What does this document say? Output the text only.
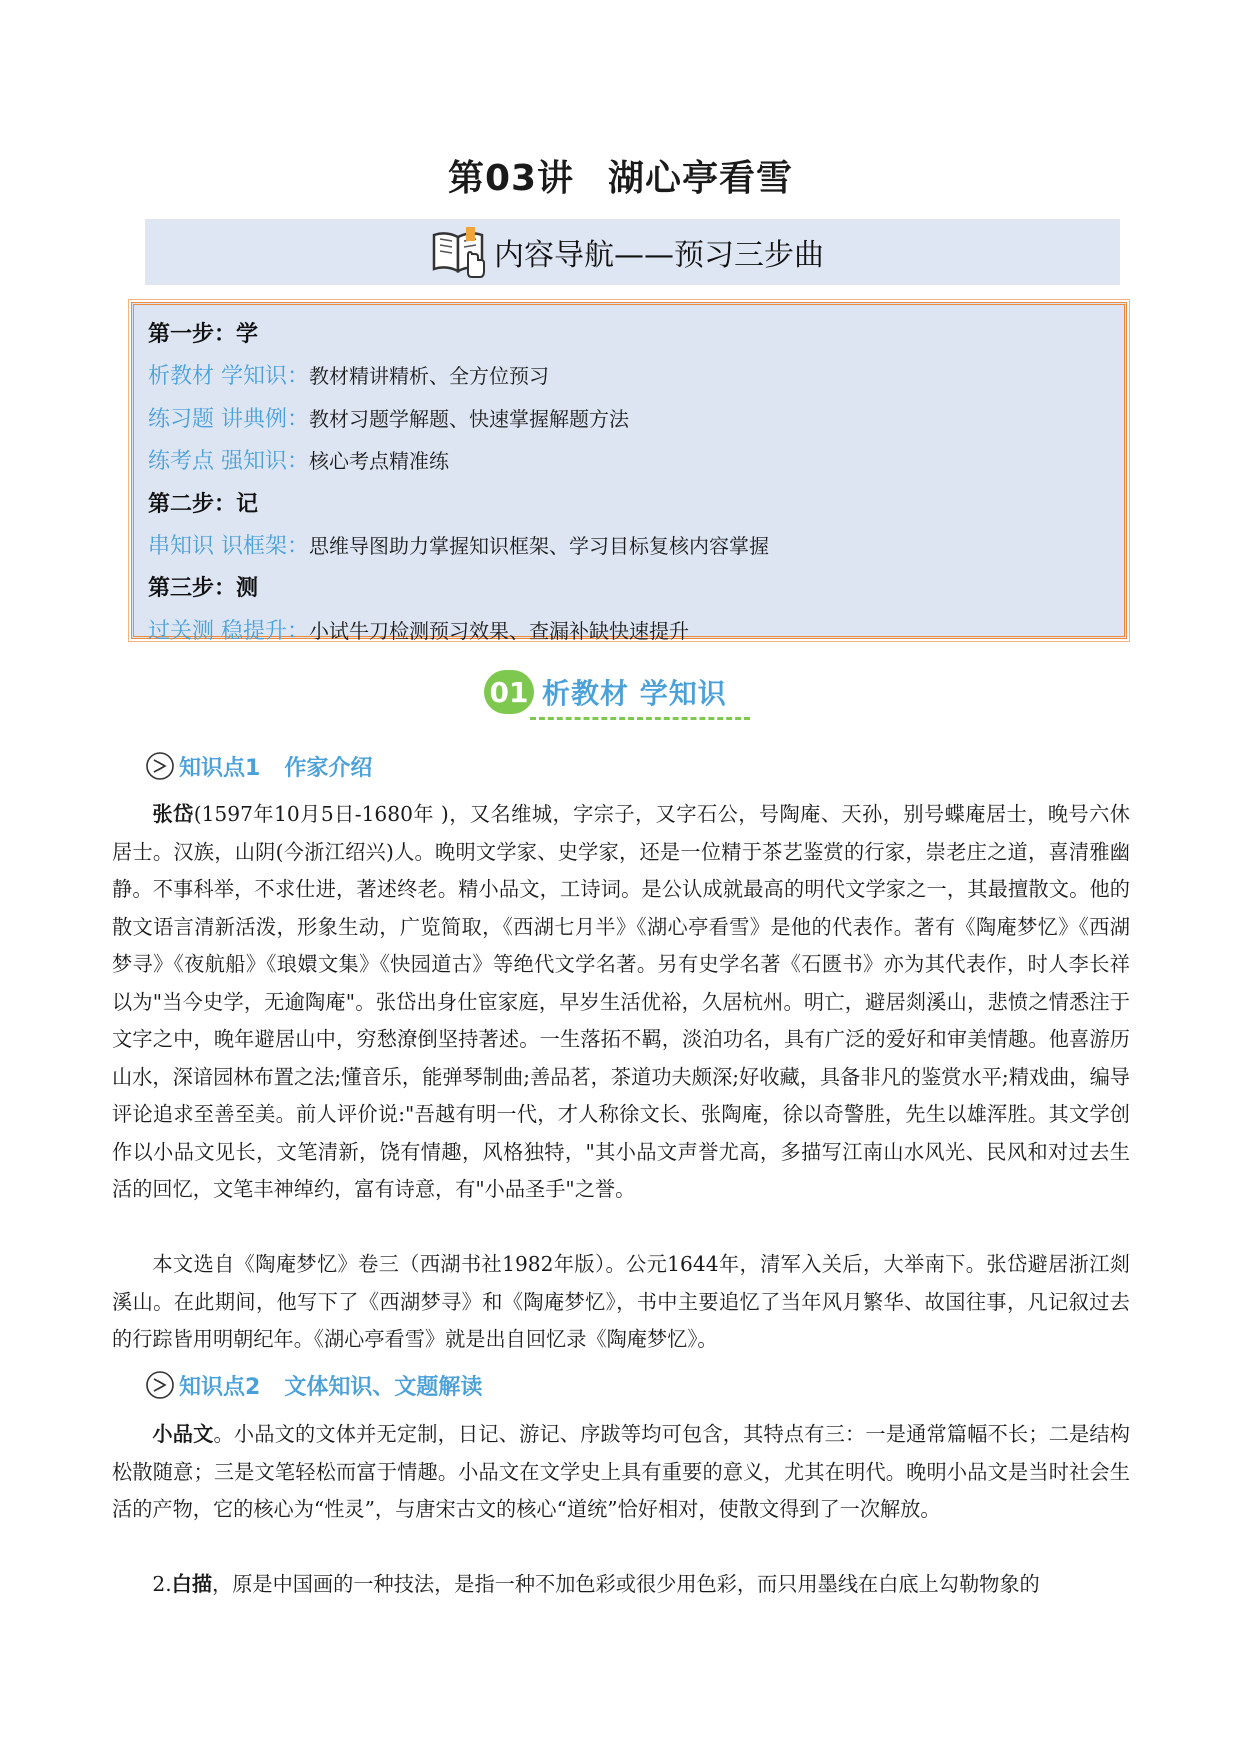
第03讲 湖心亭看雪
内容导航——预习三步曲
第一步：学
析教材 学知识：教材精讲精析、全方位预习
练习题 讲典例：教材习题学解题、快速掌握解题方法
练考点 强知识：核心考点精准练
第二步：记
串知识 识框架：思维导图助力掌握知识框架、学习目标复核内容掌握
第三步：测
过关测 稳提升：小试牛刀检测预习效果、查漏补缺快速提升
01 析教材 学知识
知识点1 作家介绍

张岱(1597年10月5日-1680年 )，又名维城，字宗子，又字石公，号陶庵、天孙，别号蝶庵居士，晚号六休居士。汉族，山阴(今浙江绍兴)人。晚明文学家、史学家，还是一位精于茶艺鉴赏的行家，崇老庄之道，喜清雅幽静。不事科举，不求仕进，著述终老。精小品文，工诗词。是公认成就最高的明代文学家之一，其最擅散文。他的散文语言清新活泼，形象生动，广览简取，《西湖七月半》《湖心亭看雪》是他的代表作。著有《陶庵梦忆》《西湖梦寻》《夜航船》《琅嬛文集》《快园道古》等绝代文学名著。另有史学名著《石匮书》亦为其代表作，时人李长祥以为"当今史学，无逾陶庵"。张岱出身仕宦家庭，早岁生活优裕，久居杭州。明亡，避居剡溪山，悲愤之情悉注于文字之中，晚年避居山中，穷愁潦倒坚持著述。一生落拓不羁，淡泊功名，具有广泛的爱好和审美情趣。他喜游历山水，深谙园林布置之法;懂音乐，能弹琴制曲;善品茗，茶道功夫颇深;好收藏，具备非凡的鉴赏水平;精戏曲，编导评论追求至善至美。前人评价说:"吾越有明一代，才人称徐文长、张陶庵，徐以奇警胜，先生以雄浑胜。其文学创作以小品文见长，文笔清新，饶有情趣，风格独特，"其小品文声誉尤高，多描写江南山水风光、民风和对过去生活的回忆，文笔丰神绰约，富有诗意，有"小品圣手"之誉。

本文选自《陶庵梦忆》卷三（西湖书社1982年版）。公元1644年，清军入关后，大举南下。张岱避居浙江剡溪山。在此期间，他写下了《西湖梦寻》和《陶庵梦忆》，书中主要追忆了当年风月繁华、故国往事，凡记叙过去的行踪皆用明朝纪年。《湖心亭看雪》就是出自回忆录《陶庵梦忆》。

知识点2 文体知识、文题解读

小品文。小品文的文体并无定制，日记、游记、序跋等均可包含，其特点有三：一是通常篇幅不长；二是结构松散随意；三是文笔轻松而富于情趣。小品文在文学史上具有重要的意义，尤其在明代。晚明小品文是当时社会生活的产物，它的核心为“性灵”，与唐宋古文的核心“道统”恰好相对，使散文得到了一次解放。

2.白描，原是中国画的一种技法，是指一种不加色彩或很少用色彩，而只用墨线在白底上勾勒物象的
